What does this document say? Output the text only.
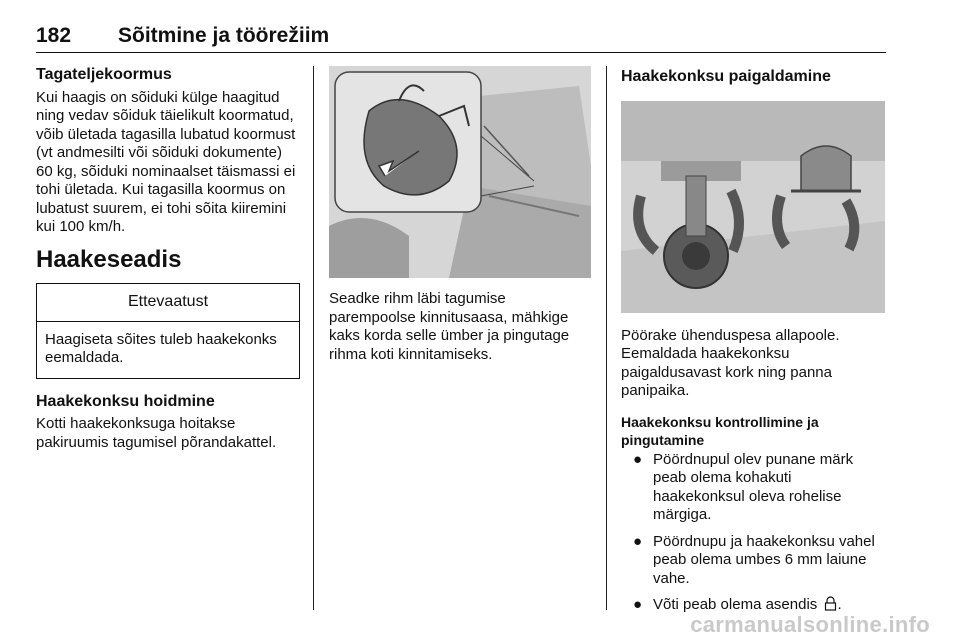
182 Sõitmine ja töörežiim
Tagateljekoormus

Kui haagis on sõiduki külge haagitud ning vedav sõiduk täielikult koormatud, võib ületada tagasilla lubatud koormust (vt andmesilti või sõiduki dokumente) 60 kg, sõiduki nominaalset täismassi ei tohi ületada. Kui tagasilla koormus on lubatust suurem, ei tohi sõita kiiremini kui 100 km/h.

Haakeseadis
Ettevaatust
Haagiseta sõites tuleb haakekonks eemaldada.
Haakekonksu hoidmine

Kotti haakekonksuga hoitakse pakiruumis tagumisel põrandakattel.

Seadke rihm läbi tagumise parempoolse kinnitusaasa, mähkige kaks korda selle ümber ja pingutage rihma koti kinnitamiseks.

Haakekonksu paigaldamine

Pöörake ühenduspesa allapoole. Eemaldada haakekonksu paigaldusavast kork ning panna panipaika.

Haakekonksu kontrollimine ja pingutamine
● Pöördnupul olev punane märk peab olema kohakuti haakekonksul oleva rohelise märgiga.
● Pöördnupu ja haakekonksu vahel peab olema umbes 6 mm laiune vahe.
● Võti peab olema asendis .
carmanualsonline.info
